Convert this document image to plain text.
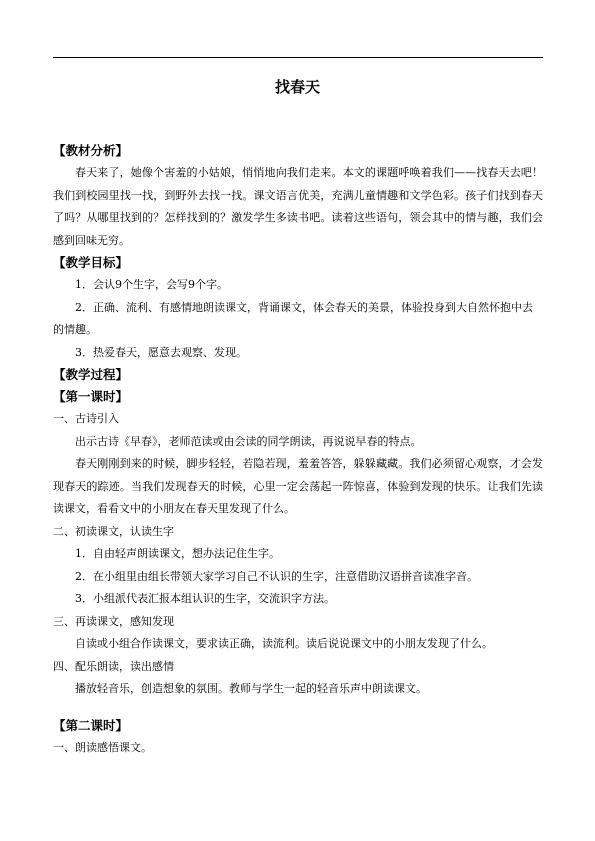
找春天
【教材分析】
春天来了，她像个害羞的小姑娘，悄悄地向我们走来。本文的课题呼唤着我们——找春天去吧！我们到校园里找一找，到野外去找一找。课文语言优美，充满儿童情趣和文学色彩。孩子们找到春天了吗？从哪里找到的？怎样找到的？激发学生多读书吧。读着这些语句，领会其中的情与趣，我们会感到回味无穷。
【教学目标】
1．会认9个生字，会写9个字。
2．正确、流利、有感情地朗读课文，背诵课文，体会春天的美景，体验投身到大自然怀抱中去的情趣。
3．热爱春天，愿意去观察、发现。
【教学过程】
【第一课时】
一、古诗引入
出示古诗《早春》，老师范读或由会读的同学朗读，再说说早春的特点。
春天刚刚到来的时候，脚步轻轻，若隐若现，羞羞答答，躲躲藏藏。我们必须留心观察，才会发现春天的踪迹。当我们发现春天的时候，心里一定会荡起一阵惊喜，体验到发现的快乐。让我们先读读课文，看看文中的小朋友在春天里发现了什么。
二、初读课文，认读生字
1．自由轻声朗读课文，想办法记住生字。
2．在小组里由组长带领大家学习自己不认识的生字，注意借助汉语拼音读准字音。
3．小组派代表汇报本组认识的生字，交流识字方法。
三、再读课文，感知发现
自读或小组合作读课文，要求读正确，读流利。读后说说课文中的小朋友发现了什么。
四、配乐朗读，读出感情
播放轻音乐，创造想象的氛围。教师与学生一起的轻音乐声中朗读课文。
【第二课时】
一、朗读感悟课文。
